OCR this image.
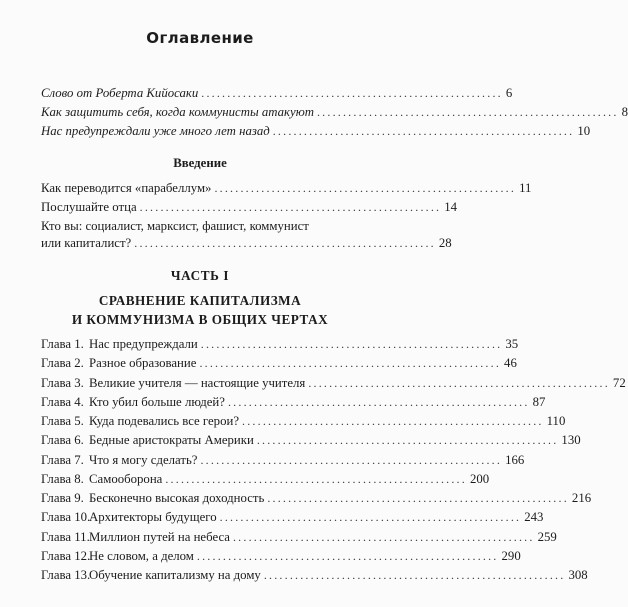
Оглавление
Слово от Роберта Кийосаки .......................................................... 6
Как защитить себя, когда коммунисты атакуют .......................................................... 8
Нас предупреждали уже много лет назад .......................................................... 10
Введение
Как переводится «парабеллум» .......................................................... 11
Послушайте отца .......................................................... 14
Кто вы: социалист, марксист, фашист, коммунист
или капиталист? .......................................................... 28
ЧАСТЬ I
СРАВНЕНИЕ КАПИТАЛИЗМА
И КОММУНИЗМА В ОБЩИХ ЧЕРТАХ
Глава 1. Нас предупреждали .......................................................... 35
Глава 2. Разное образование .......................................................... 46
Глава 3. Великие учителя — настоящие учителя .......................................................... 72
Глава 4. Кто убил больше людей? .......................................................... 87
Глава 5. Куда подевались все герои? .......................................................... 110
Глава 6. Бедные аристократы Америки .......................................................... 130
Глава 7. Что я могу сделать? .......................................................... 166
Глава 8. Самооборона .......................................................... 200
Глава 9. Бесконечно высокая доходность .......................................................... 216
Глава 10.Архитекторы будущего .......................................................... 243
Глава 11.Миллион путей на небеса .......................................................... 259
Глава 12.Не словом, а делом .......................................................... 290
Глава 13.Обучение капитализму на дому .......................................................... 308
